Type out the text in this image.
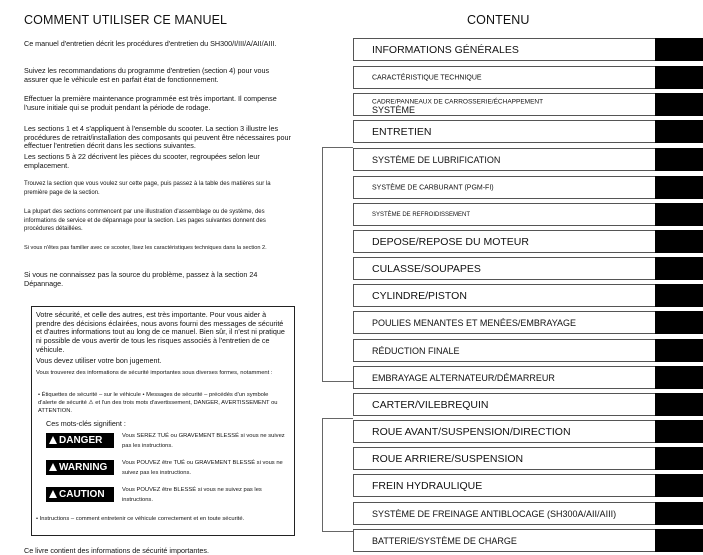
COMMENT UTILISER CE MANUEL

Ce manuel d'entretien décrit les procédures d'entretien du SH300/I/III/A/AII/AIII.

Suivez les recommandations du programme d'entretien (section 4) pour vous assurer que le véhicule est en parfait état de fonctionnement.

Effectuer la première maintenance programmée est très important. Il compense l'usure initiale qui se produit pendant la période de rodage.

Les sections 1 et 4 s'appliquent à l'ensemble du scooter. La section 3 illustre les procédures de retrait/installation des composants qui peuvent être nécessaires pour effectuer l'entretien décrit dans les sections suivantes.

Les sections 5 à 22 décrivent les pièces du scooter, regroupées selon leur emplacement.

Trouvez la section que vous voulez sur cette page, puis passez à la table des matières sur la première page de la section.

La plupart des sections commencent par une illustration d'assemblage ou de système, des informations de service et de dépannage pour la section. Les pages suivantes donnent des procédures détaillées.

Si vous n'êtes pas familier avec ce scooter, lisez les caractéristiques techniques dans la section 2.

Si vous ne connaissez pas la source du problème, passez à la section 24 Dépannage.

Votre sécurité, et celle des autres, est très importante. Pour vous aider à prendre des décisions éclairées, nous avons fourni des messages de sécurité et d'autres informations tout au long de ce manuel. Bien sûr, il n'est ni pratique ni possible de vous avertir de tous les risques associés à l'entretien de ce véhicule.
Vous devez utiliser votre bon jugement.
Vous trouverez des informations de sécurité importantes sous diverses formes, notamment :
• Étiquettes de sécurité – sur le véhicule • Messages de sécurité – précédés d'un symbole d'alerte de sécurité ⚠ et l'un des trois mots d'avertissement, DANGER, AVERTISSEMENT ou ATTENTION.
Ces mots-clés signifient :
DANGER	Vous SEREZ TUÉ ou GRAVEMENT BLESSÉ si vous ne suivez pas les instructions.
WARNING	Vous POUVEZ être TUÉ ou GRAVEMENT BLESSÉ si vous ne suivez pas les instructions.
CAUTION	Vous POUVEZ être BLESSÉ si vous ne suivez pas les instructions.
• Instructions – comment entretenir ce véhicule correctement et en toute sécurité.
Ce livre contient des informations de sécurité importantes.
CONTENU
INFORMATIONS GÉNÉRALES
CARACTÉRISTIQUE TECHNIQUE
SYSTÈME
CADRE/PANNEAUX DE CARROSSERIE/ÉCHAPPEMENT
ENTRETIEN
SYSTÈME DE LUBRIFICATION
SYSTÈME DE CARBURANT (PGM-FI)
SYSTÈME DE REFROIDISSEMENT
DEPOSE/REPOSE DU MOTEUR
CULASSE/SOUPAPES
CYLINDRE/PISTON
POULIES MENANTES ET MENÉES/EMBRAYAGE
RÉDUCTION FINALE
EMBRAYAGE ALTERNATEUR/DÉMARREUR
CARTER/VILEBREQUIN
ROUE AVANT/SUSPENSION/DIRECTION
ROUE ARRIERE/SUSPENSION
FREIN HYDRAULIQUE
SYSTÈME DE FREINAGE ANTIBLOCAGE (SH300A/AII/AIII)
BATTERIE/SYSTÈME DE CHARGE
